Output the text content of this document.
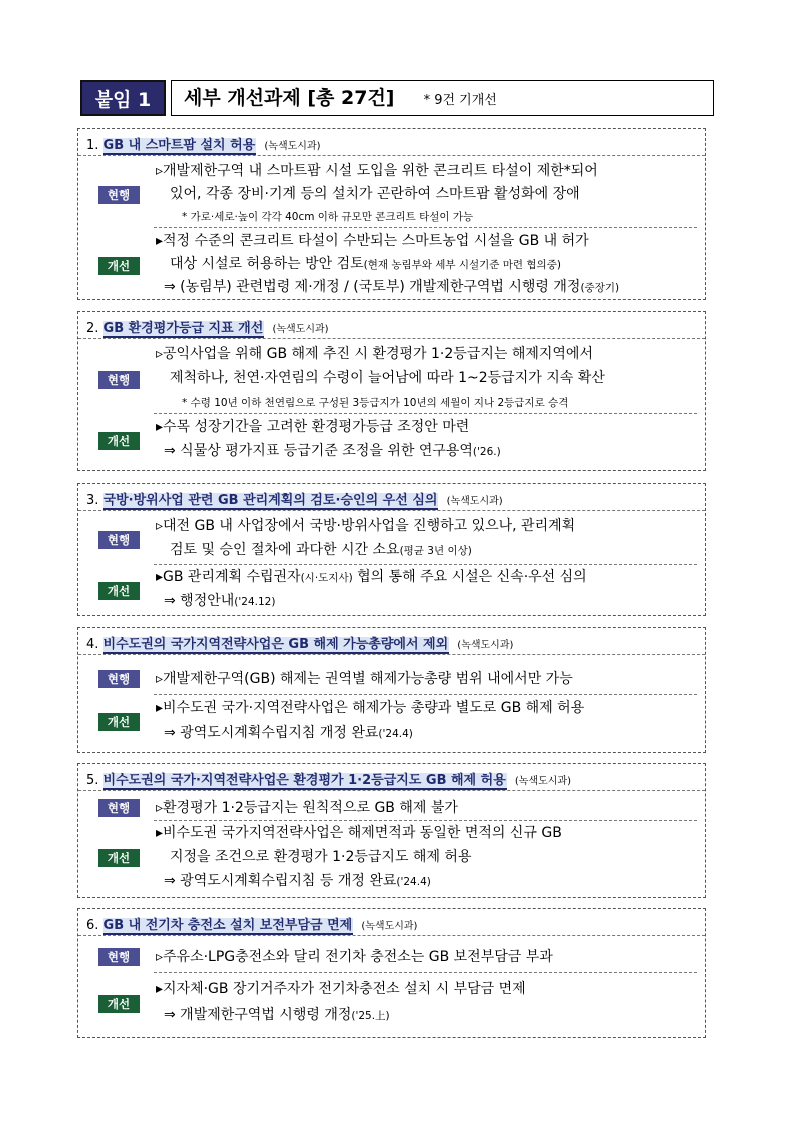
붙임 1	세부 개선과제 [총 27건] * 9건 기개선
1. GB 내 스마트팜 설치 허용 (녹색도시과)
현행
▹개발제한구역 내 스마트팜 시설 도입을 위한 콘크리트 타설이 제한*되어
있어, 각종 장비·기계 등의 설치가 곤란하여 스마트팜 활성화에 장애
* 가로·세로·높이 각각 40cm 이하 규모만 콘크리트 타설이 가능
개선
▸적정 수준의 콘크리트 타설이 수반되는 스마트농업 시설을 GB 내 허가
대상 시설로 허용하는 방안 검토(현재 농림부와 세부 시설기준 마련 협의중)
⇒ (농림부) 관련법령 제·개정 / (국토부) 개발제한구역법 시행령 개정(중장기)
2. GB 환경평가등급 지표 개선 (녹색도시과)
현행
▹공익사업을 위해 GB 해제 추진 시 환경평가 1·2등급지는 해제지역에서
제척하나, 천연·자연림의 수령이 늘어남에 따라 1~2등급지가 지속 확산
* 수령 10년 이하 천연림으로 구성된 3등급지가 10년의 세월이 지나 2등급지로 승격
개선
▸수목 성장기간을 고려한 환경평가등급 조정안 마련
⇒ 식물상 평가지표 등급기준 조정을 위한 연구용역('26.)
3. 국방·방위사업 관련 GB 관리계획의 검토·승인의 우선 심의 (녹색도시과)
현행
▹대전 GB 내 사업장에서 국방·방위사업을 진행하고 있으나, 관리계획
검토 및 승인 절차에 과다한 시간 소요(평균 3년 이상)
개선
▸GB 관리계획 수립권자(시·도지사) 협의 통해 주요 시설은 신속·우선 심의
⇒ 행정안내('24.12)
4. 비수도권의 국가지역전략사업은 GB 해제 가능총량에서 제외 (녹색도시과)
현행	▹개발제한구역(GB) 해제는 권역별 해제가능총량 범위 내에서만 가능
개선
▸비수도권 국가·지역전략사업은 해제가능 총량과 별도로 GB 해제 허용
⇒ 광역도시계획수립지침 개정 완료('24.4)
5. 비수도권의 국가·지역전략사업은 환경평가 1·2등급지도 GB 해제 허용 (녹색도시과)
현행	▹환경평가 1·2등급지는 원칙적으로 GB 해제 불가
개선
▸비수도권 국가지역전략사업은 해제면적과 동일한 면적의 신규 GB
지정을 조건으로 환경평가 1·2등급지도 해제 허용
⇒ 광역도시계획수립지침 등 개정 완료('24.4)
6. GB 내 전기차 충전소 설치 보전부담금 면제 (녹색도시과)
현행	▹주유소·LPG충전소와 달리 전기차 충전소는 GB 보전부담금 부과
개선
▸지자체·GB 장기거주자가 전기차충전소 설치 시 부담금 면제
⇒ 개발제한구역법 시행령 개정('25.上)
